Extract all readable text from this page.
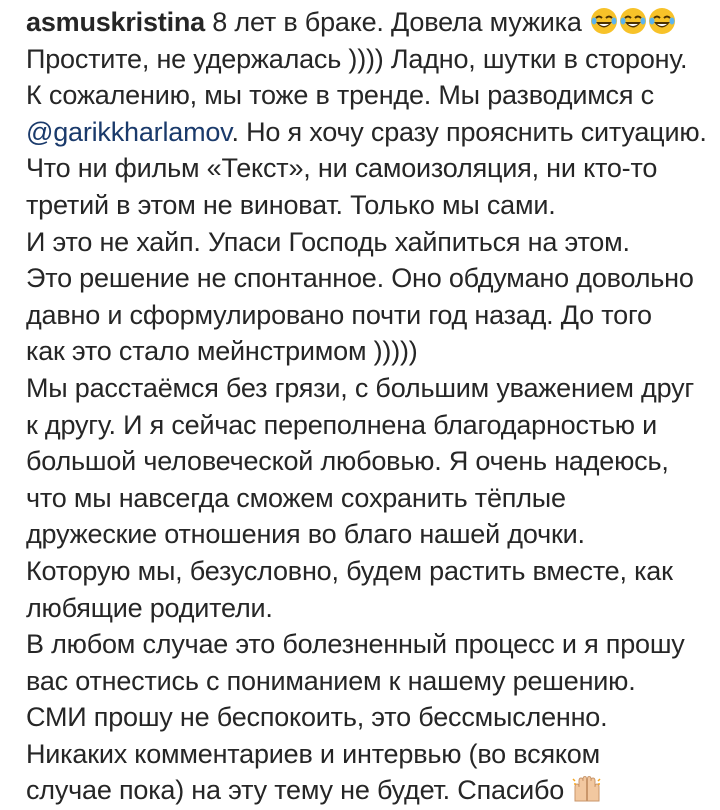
asmuskristina 8 лет в браке. Довела мужика
Простите, не удержалась )))) Ладно, шутки в сторону.
К сожалению, мы тоже в тренде. Мы разводимся с
@garikkharlamov. Но я хочу сразу прояснить ситуацию.
Что ни фильм «Текст», ни самоизоляция, ни кто-то
третий в этом не виноват. Только мы сами.
И это не хайп. Упаси Господь хайпиться на этом.
Это решение не спонтанное. Оно обдумано довольно
давно и сформулировано почти год назад. До того
как это стало мейнстримом )))))
Мы расстаёмся без грязи, с большим уважением друг
к другу. И я сейчас переполнена благодарностью и
большой человеческой любовью. Я очень надеюсь,
что мы навсегда сможем сохранить тёплые
дружеские отношения во благо нашей дочки.
Которую мы, безусловно, будем растить вместе, как
любящие родители.
В любом случае это болезненный процесс и я прошу
вас отнестись с пониманием к нашему решению.
СМИ прошу не беспокоить, это бессмысленно.
Никаких комментариев и интервью (во всяком
случае пока) на эту тему не будет. Спасибо
